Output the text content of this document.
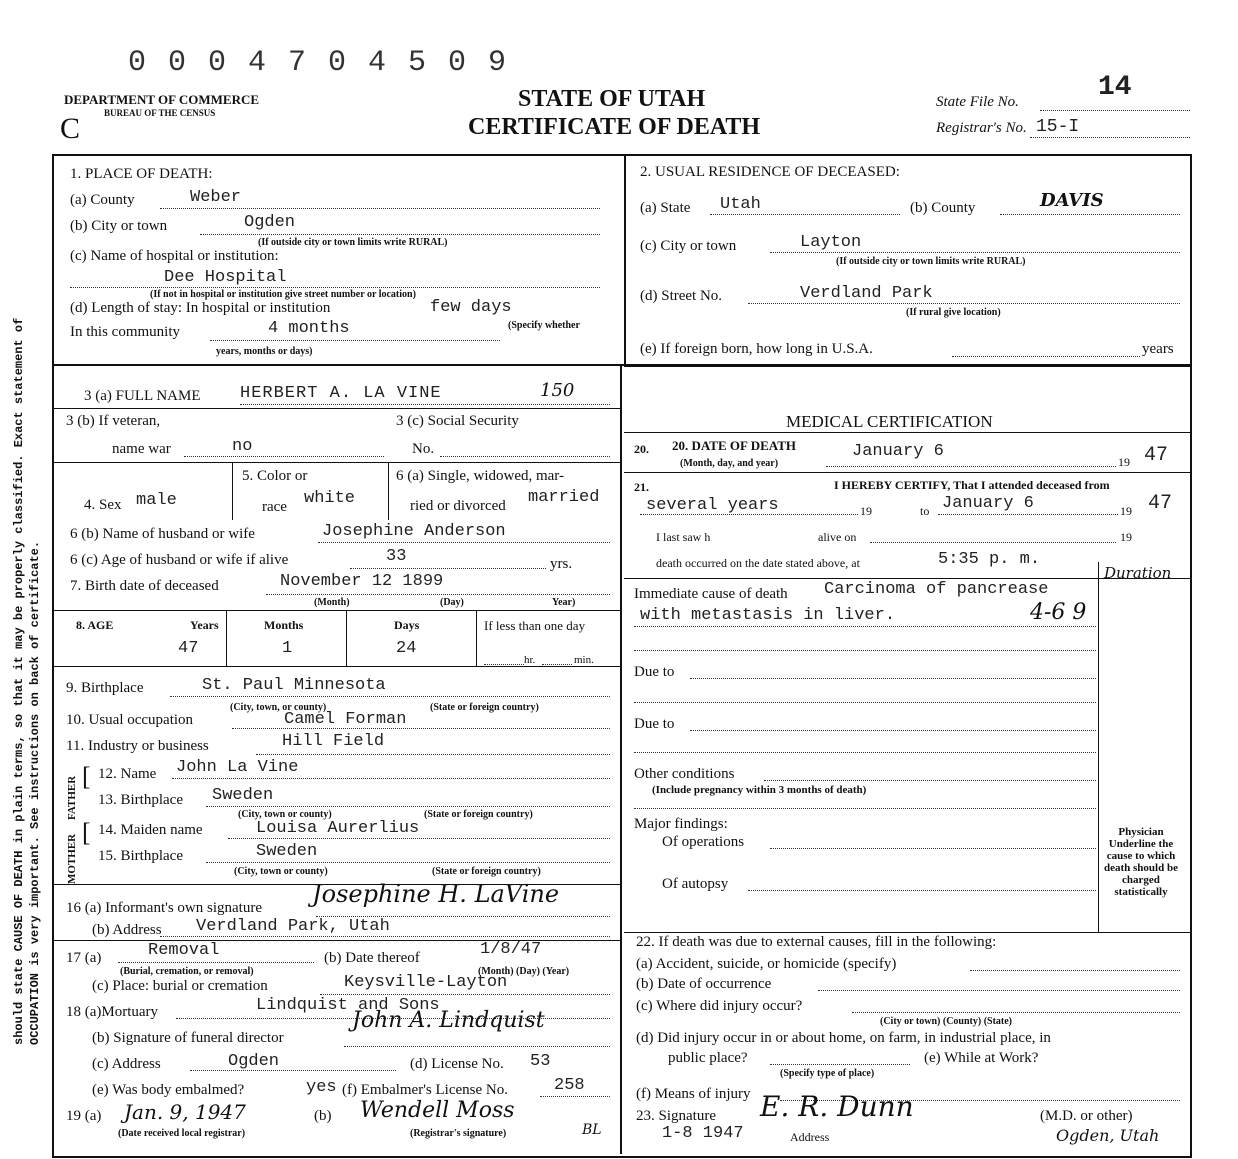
should state CAUSE OF DEATH in plain terms, so that it may be properly classified. Exact statement of OCCUPATION is very important. See instructions on back of certificate.
0 0 0 4 7 0 4 5 0 9
DEPARTMENT OF COMMERCE
BUREAU OF THE CENSUS
C
STATE OF UTAH
CERTIFICATE OF DEATH
State File No.	14
Registrar's No. 15-I
1. PLACE OF DEATH:
(a) County	Weber
(b) City or town	Ogden
(If outside city or town limits write RURAL)
(c) Name of hospital or institution:
Dee Hospital
(If not in hospital or institution give street number or location)
(d) Length of stay: In hospital or institution	few days
In this community	4 months	(Specify whether
years, months or days)
2. USUAL RESIDENCE OF DECEASED:
(a) State Utah	(b) County	DAVIS
(c) City or town	Layton
(If outside city or town limits write RURAL)
(d) Street No.	Verdland Park
(If rural give location)
(e) If foreign born, how long in U.S.A.	years
3 (a) FULL NAME HERBERT A. LA VINE	150
3 (b) If veteran,
name war	no
3 (c) Social Security
No.
4. Sex male
5. Color or
race white
6 (a) Single, widowed, mar-
ried or divorced married
6 (b) Name of husband or wife	Josephine Anderson
6 (c) Age of husband or wife if alive	33	yrs.
7. Birth date of deceased	November 12 1899
(Month)	(Day)	Year)
8. AGE	Years	Months	Days	If less than one day
47	1	24
hr.	min.
9. Birthplace	St. Paul Minnesota
(City, town, or county)	(State or foreign country)
10. Usual occupation	Camel Forman
11. Industry or business	Hill Field
FATHER
MOTHER
[
[
12. Name John La Vine
13. Birthplace Sweden
(City, town or county)	(State or foreign country)
14. Maiden name	Louisa Aurerlius
15. Birthplace	Sweden
(City, town or county)	(State or foreign country)
16 (a) Informant's own signature Josephine H. LaVine
(b) Address Verdland Park, Utah
17 (a)	Removal
(Burial, cremation, or removal)
(b) Date thereof	1/8/47
(Month) (Day) (Year)
(c) Place: burial or cremation	Keysville-Layton
18 (a)Mortuary	Lindquist and Sons
(b) Signature of funeral director
John A. Lindquist
(c) Address	Ogden	(d) License No. 53
(e) Was body embalmed?	yes (f) Embalmer's License No.	258
19 (a) Jan. 9, 1947
(Date received local registrar)
(b) Wendell Moss
(Registrar's signature)	BL
MEDICAL CERTIFICATION
20. 20. DATE OF DEATH
(Month, day, and year)
January 6
19 47
21.	I HEREBY CERTIFY, That I attended deceased from
several years	19	to January 6	19 47
I last saw h	alive on	19
death occurred on the date stated above, at	5:35 p. m.
Duration
Immediate cause of death Carcinoma of pancrease
with metastasis in liver.	4-6 9
Due to
Due to
Other conditions
(Include pregnancy within 3 months of death)
Major findings:
Of operations
Of autopsy
Physician Underline the cause to which death should be charged statistically
22. If death was due to external causes, fill in the following:
(a) Accident, suicide, or homicide (specify)
(b) Date of occurrence
(c) Where did injury occur?
(City or town) (County) (State)
(d) Did injury occur in or about home, on farm, in industrial place, in
public place?	(e) While at Work?
(Specify type of place)
(f) Means of injury
23. Signature E. R. Dunn	(M.D. or other)
1-8 1947	Address	Ogden, Utah
